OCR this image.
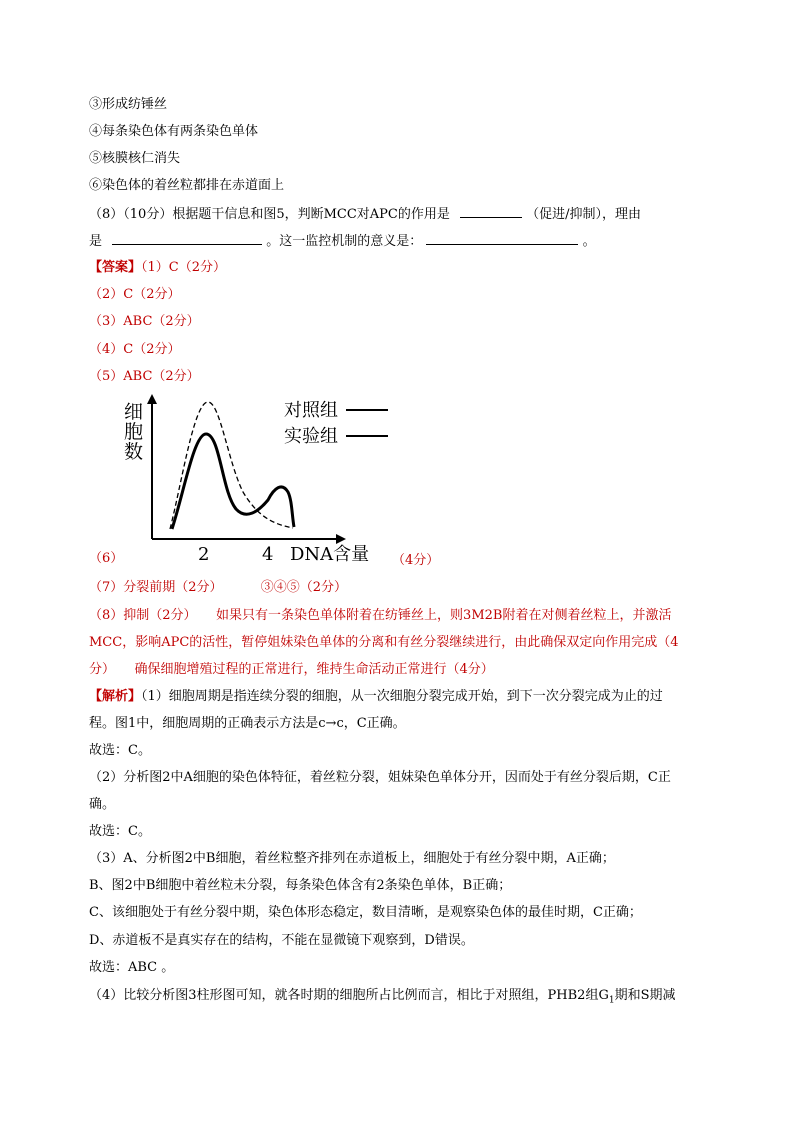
③形成纺锤丝
④每条染色体有两条染色单体
⑤核膜核仁消失
⑥染色体的着丝粒都排在赤道面上
（8）（10分）根据题干信息和图5，判断MCC对APC的作用是	（促进/抑制），理由
是	。这一监控机制的意义是：	。
【答案】（1）C（2分）
（2）C（2分）
（3）ABC（2分）
（4）C（2分）
（5）ABC（2分）
细
胞
数
对照组
实验组
2	4 DNA含量
（6）	（4分）
（7）分裂前期（2分）	③④⑤（2分）
（8）抑制（2分）　　如果只有一条染色单体附着在纺锤丝上，则3M2B附着在对侧着丝粒上，并激活
MCC，影响APC的活性，暂停姐妹染色单体的分离和有丝分裂继续进行，由此确保双定向作用完成（4
分）　　确保细胞增殖过程的正常进行，维持生命活动正常进行（4分）
【解析】（1）细胞周期是指连续分裂的细胞，从一次细胞分裂完成开始，到下一次分裂完成为止的过
程。图1中，细胞周期的正确表示方法是c→c，C正确。
故选：C。
（2）分析图2中A细胞的染色体特征，着丝粒分裂，姐妹染色单体分开，因而处于有丝分裂后期，C正
确。
故选：C。
（3）A、分析图2中B细胞，着丝粒整齐排列在赤道板上，细胞处于有丝分裂中期，A正确；
B、图2中B细胞中着丝粒未分裂，每条染色体含有2条染色单体，B正确；
C、该细胞处于有丝分裂中期，染色体形态稳定，数目清晰，是观察染色体的最佳时期，C正确；
D、赤道板不是真实存在的结构，不能在显微镜下观察到，D错误。
故选：ABC 。
（4）比较分析图3柱形图可知，就各时期的细胞所占比例而言，相比于对照组，PHB2组$G_1$期和S期减
